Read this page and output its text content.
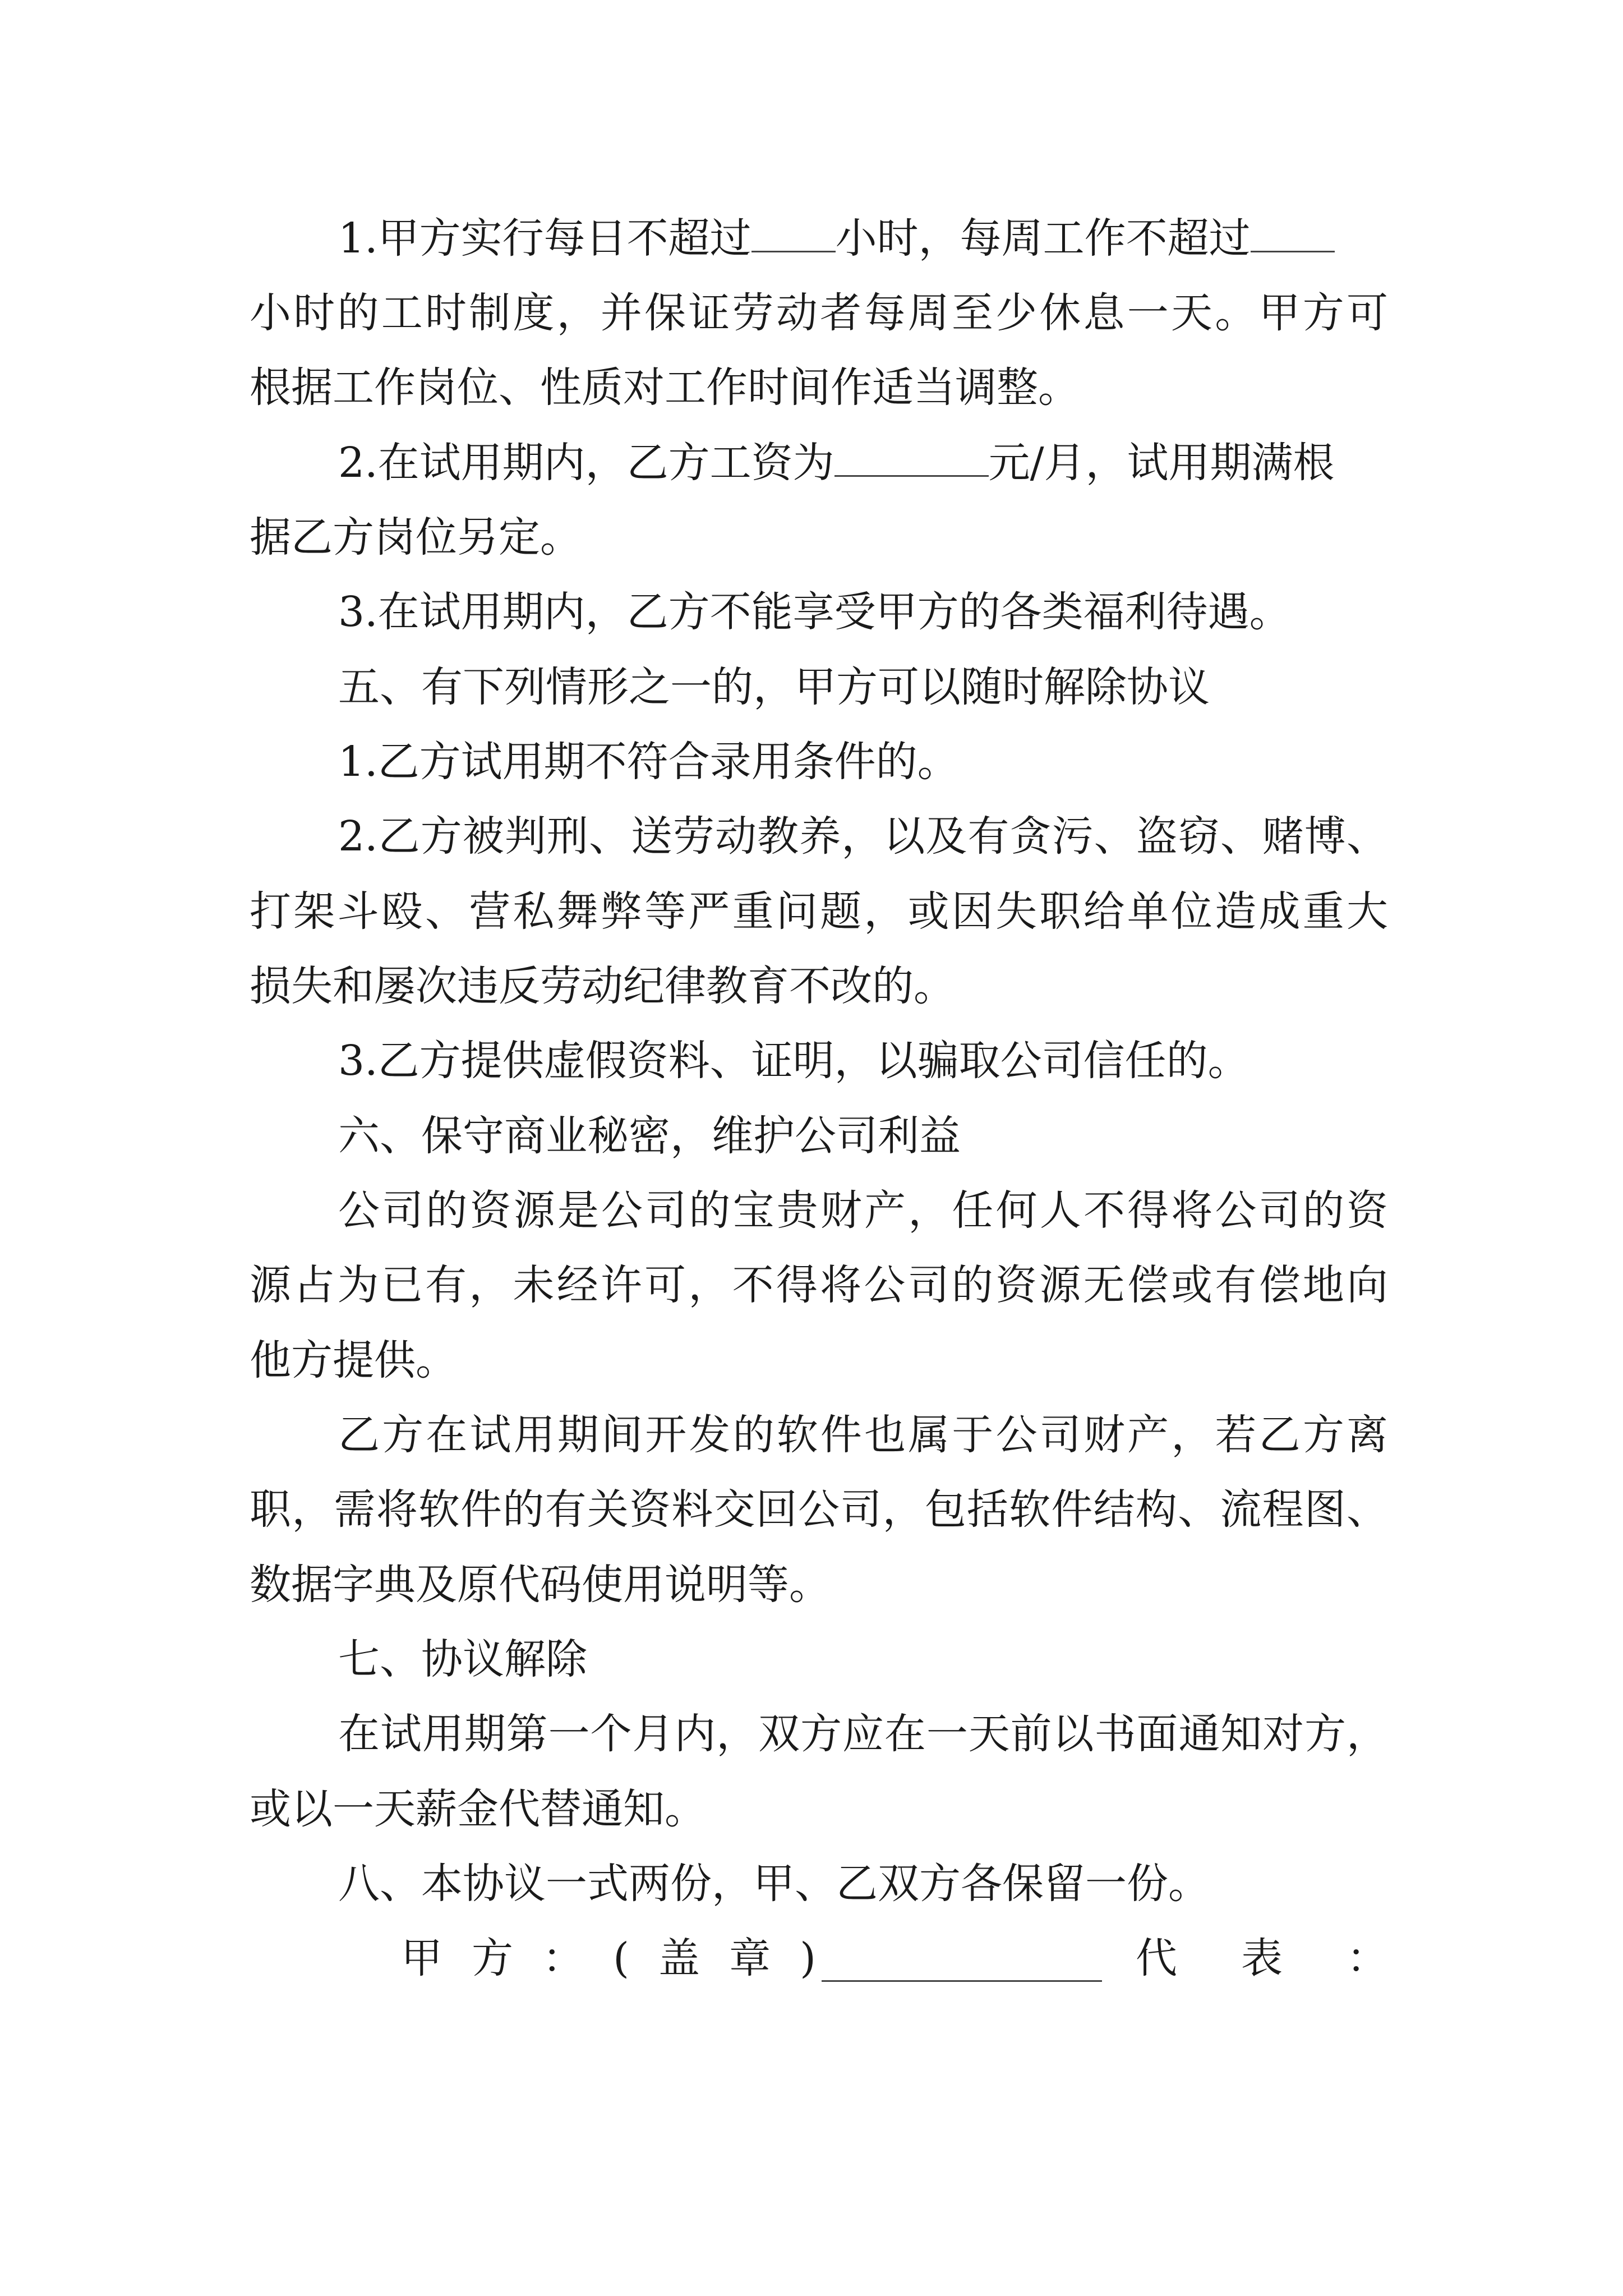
1.甲方实行每日不超过 小时，每周工作不超过
小时的工时制度，并保证劳动者每周至少休息一天。甲方可
根据工作岗位、性质对工作时间作适当调整。
2.在试用期内，乙方工资为	元/月，试用期满根
据乙方岗位另定。
3.在试用期内，乙方不能享受甲方的各类福利待遇。
五、有下列情形之一的，甲方可以随时解除协议
1.乙方试用期不符合录用条件的。
2.乙方被判刑、送劳动教养，以及有贪污、盗窃、赌博、
打架斗殴、营私舞弊等严重问题，或因失职给单位造成重大
损失和屡次违反劳动纪律教育不改的。
3.乙方提供虚假资料、证明，以骗取公司信任的。
六、保守商业秘密，维护公司利益
公司的资源是公司的宝贵财产，任何人不得将公司的资
源占为已有，未经许可，不得将公司的资源无偿或有偿地向
他方提供。
乙方在试用期间开发的软件也属于公司财产，若乙方离
职，需将软件的有关资料交回公司，包括软件结构、流程图、
数据字典及原代码使用说明等。
七、协议解除
在试用期第一个月内，双方应在一天前以书面通知对方，
或以一天薪金代替通知。
八、本协议一式两份，甲、乙双方各保留一份。
甲方：(盖章)	代表：
